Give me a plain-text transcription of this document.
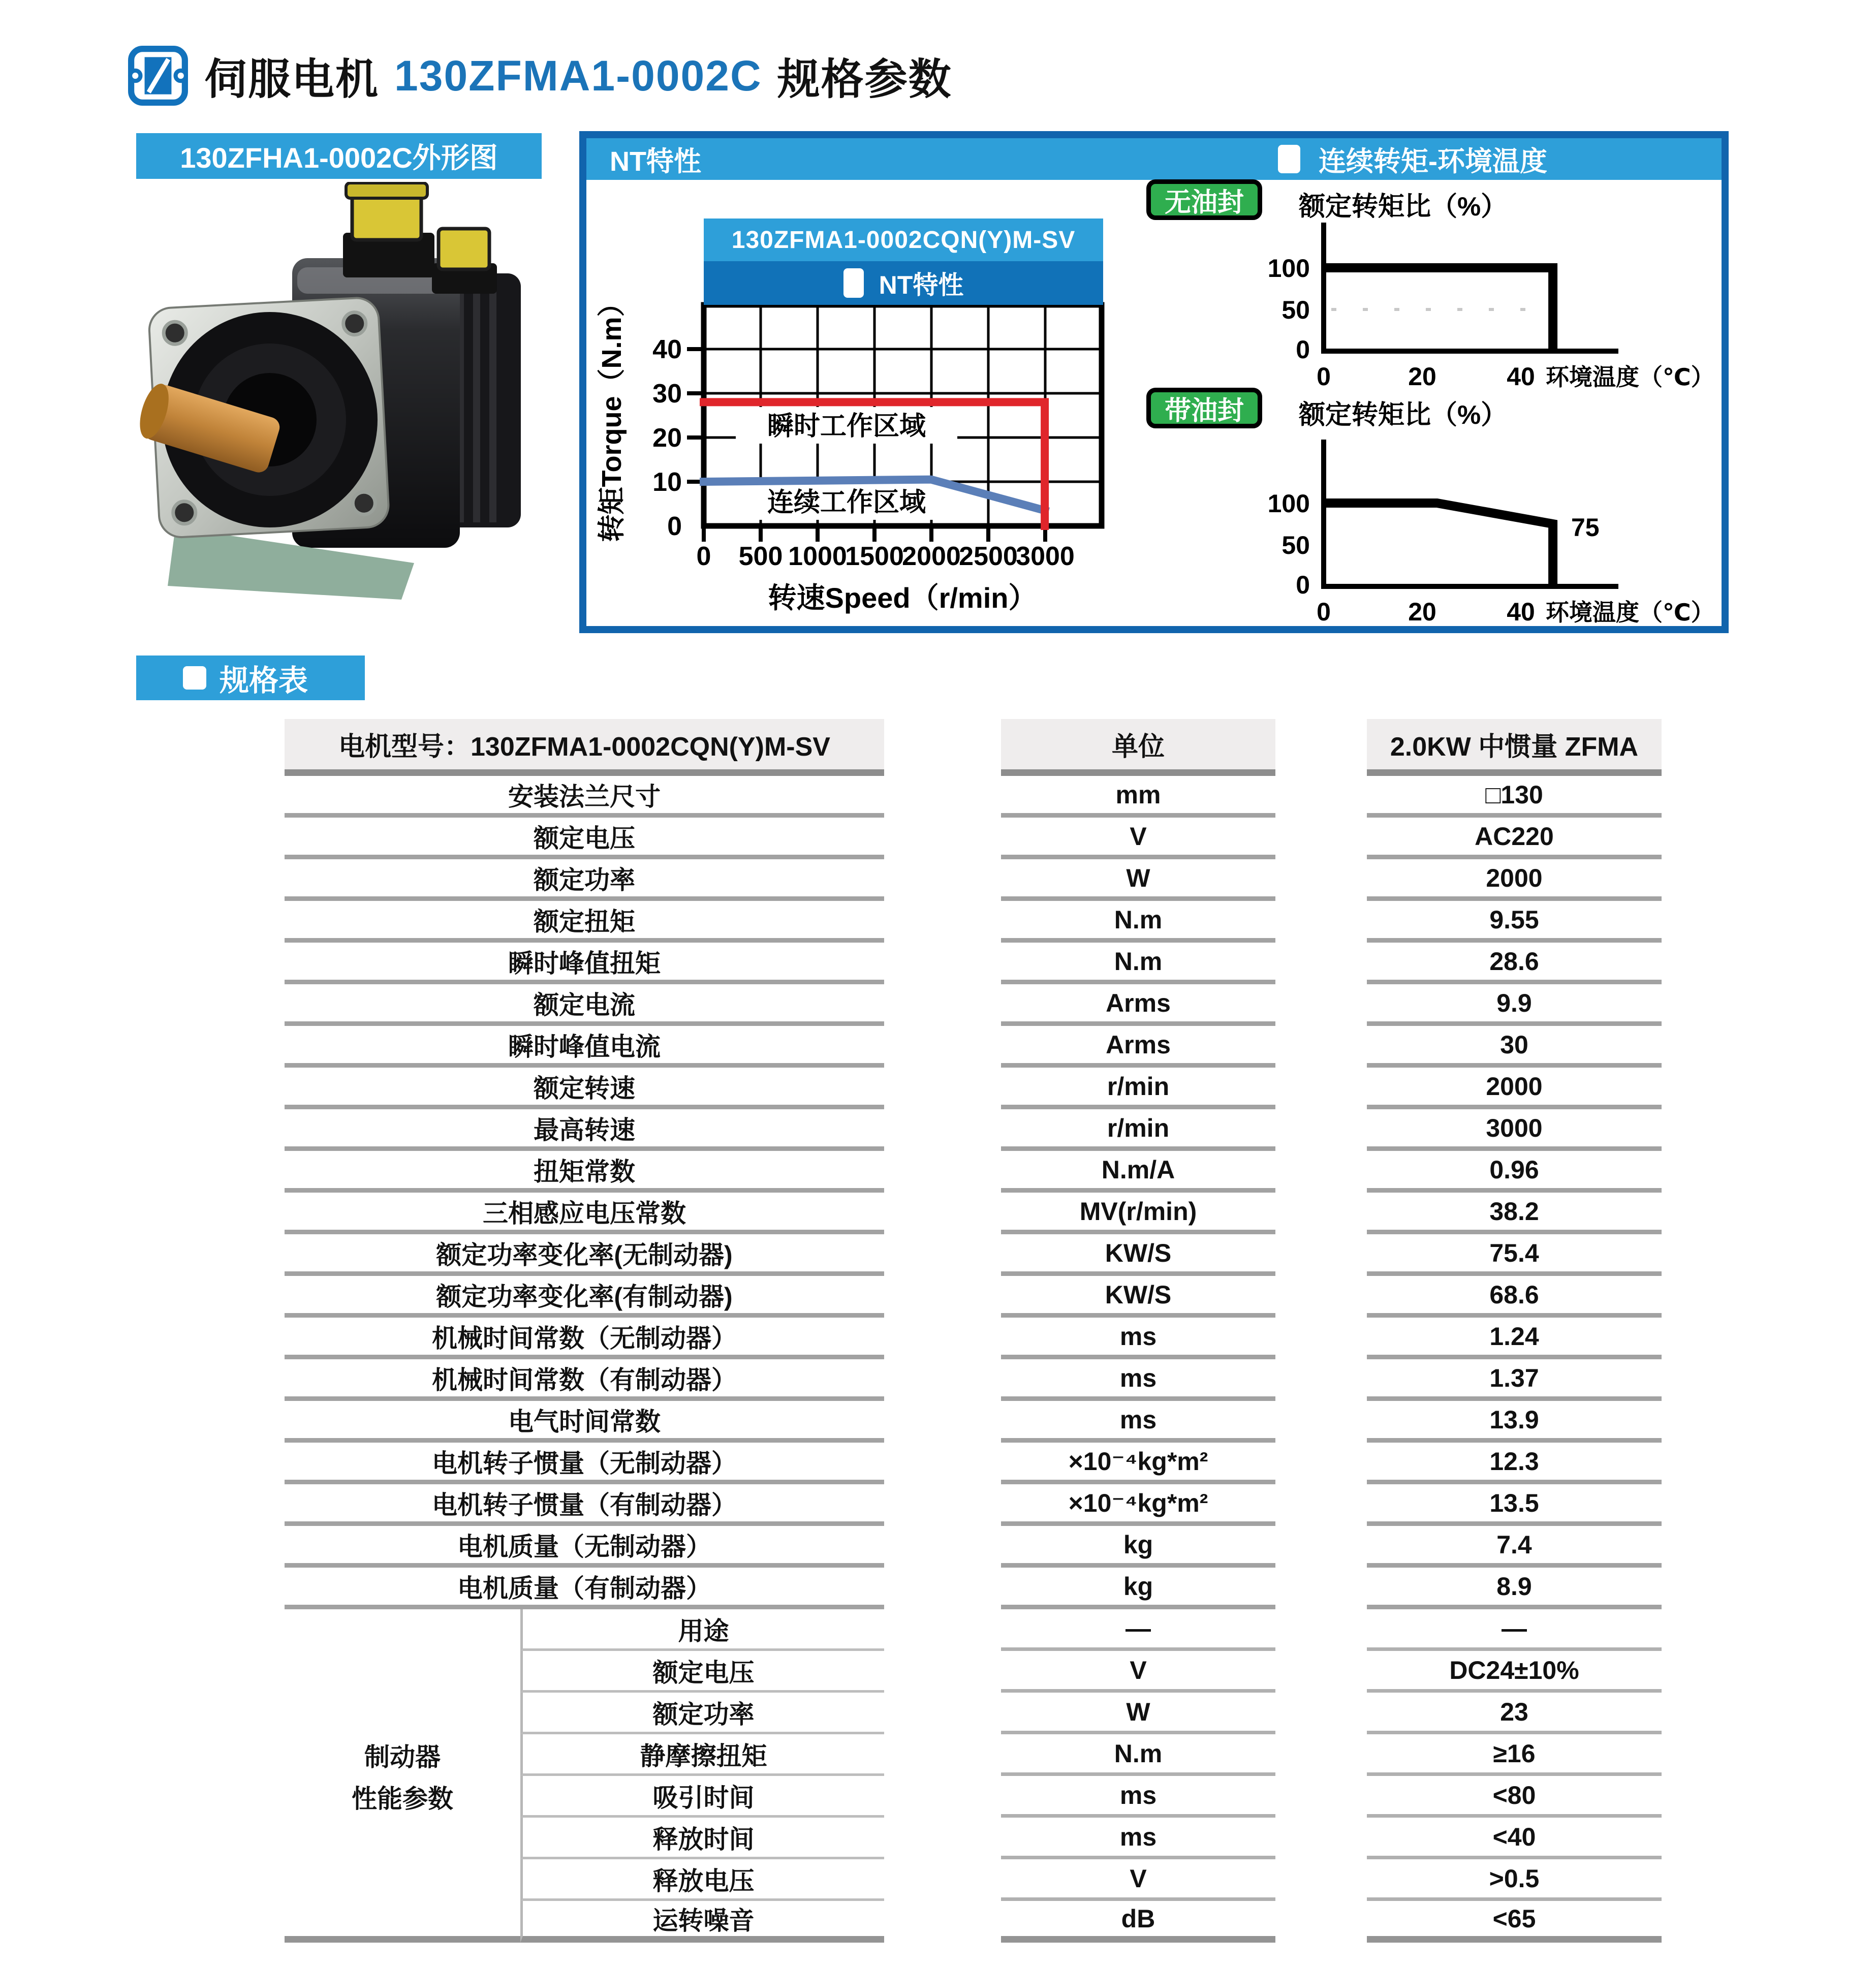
伺服电机 130ZFMA1-0002C 规格参数
130ZFHA1-0002C外形图	NT特性	连续转矩-环境温度
40
30
20
10
0
0 500 1000
1500
2000
2500
3000
转速Speed（r/min）
转矩Torque（N.m）	瞬时工作区域
连续工作区域
100
50
0
0	20	40 环境温度（℃）
100
50
0
0	20	40 环境温度（℃）
75
130ZFMA1-0002CQN(Y)M-SV
NT特性
无油封	额定转矩比（%）
带油封	额定转矩比（%）
规格表
电机型号：130ZFMA1-0002CQN(Y)M-SV	单位	2.0KW 中惯量 ZFMA
安装法兰尺寸	mm	□130
额定电压	V	AC220
额定功率	W	2000
额定扭矩	N.m	9.55
瞬时峰值扭矩	N.m	28.6
额定电流	Arms	9.9
瞬时峰值电流	Arms	30
额定转速	r/min	2000
最高转速	r/min	3000
扭矩常数	N.m/A	0.96
三相感应电压常数	MV(r/min)	38.2
额定功率变化率(无制动器)	KW/S	75.4
额定功率变化率(有制动器)	KW/S	68.6
机械时间常数（无制动器）	ms	1.24
机械时间常数（有制动器）	ms	1.37
电气时间常数	ms	13.9
电机转子惯量（无制动器）	×10⁻⁴kg*m²	12.3
电机转子惯量（有制动器）	×10⁻⁴kg*m²	13.5
电机质量（无制动器）	kg	7.4
电机质量（有制动器）	kg	8.9
用途	—	—
额定电压	V	DC24±10%
额定功率	W	23
静摩擦扭矩	N.m	≥16
吸引时间	ms	<80
释放时间	ms	<40
释放电压	V	>0.5
运转噪音	dB	<65
制动器
性能参数
